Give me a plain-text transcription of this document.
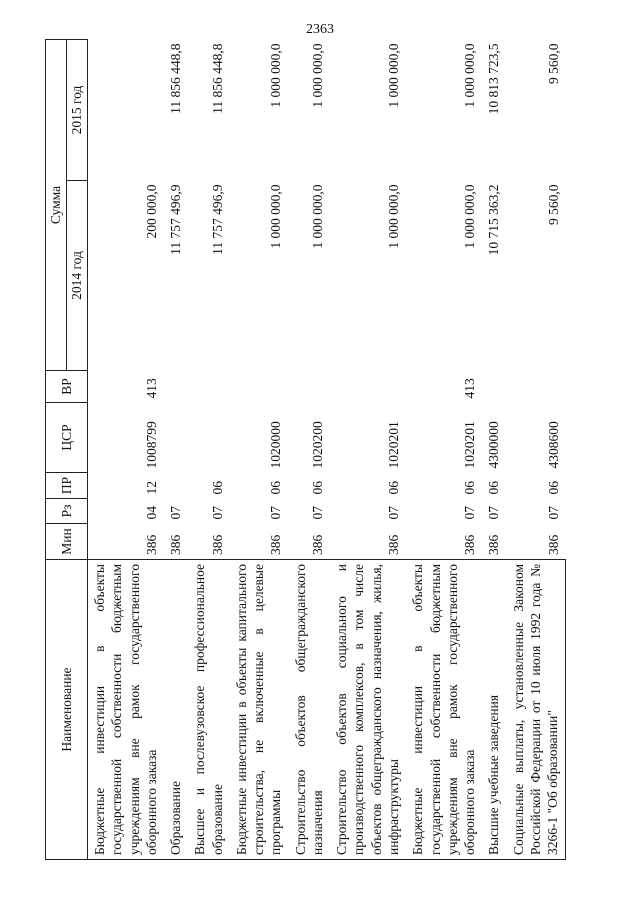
2363
Наименование	Мин	Рз	ПР	ЦСР	ВР	Сумма	
						2014 год	2015 год
Бюджетные инвестиции в объекты государственной собственности бюджетным учреждениям вне рамок государственного оборонного заказа	386	04	12	1008799	413	200 000,0	
Образование	386	07				11 757 496,9	11 856 448,8
Высшее и послевузовское профессиональное образование	386	07	06			11 757 496,9	11 856 448,8
Бюджетные инвестиции в объекты капитального строительства, не включенные в целевые программы	386	07	06	1020000		1 000 000,0	1 000 000,0
Строительство объектов общегражданского назначения	386	07	06	1020200		1 000 000,0	1 000 000,0
Строительство объектов социального и производственного комплексов, в том числе объектов общегражданского назначения, жилья, инфраструктуры	386	07	06	1020201		1 000 000,0	1 000 000,0
Бюджетные инвестиции в объекты государственной собственности бюджетным учреждениям вне рамок государственного оборонного заказа	386	07	06	1020201	413	1 000 000,0	1 000 000,0
Высшие учебные заведения	386	07	06	4300000		10 715 363,2	10 813 723,5
Социальные выплаты, установленные Законом Российской Федерации от 10 июля 1992 года № 3266-1 "Об образовании"	386	07	06	4308600		9 560,0	9 560,0
